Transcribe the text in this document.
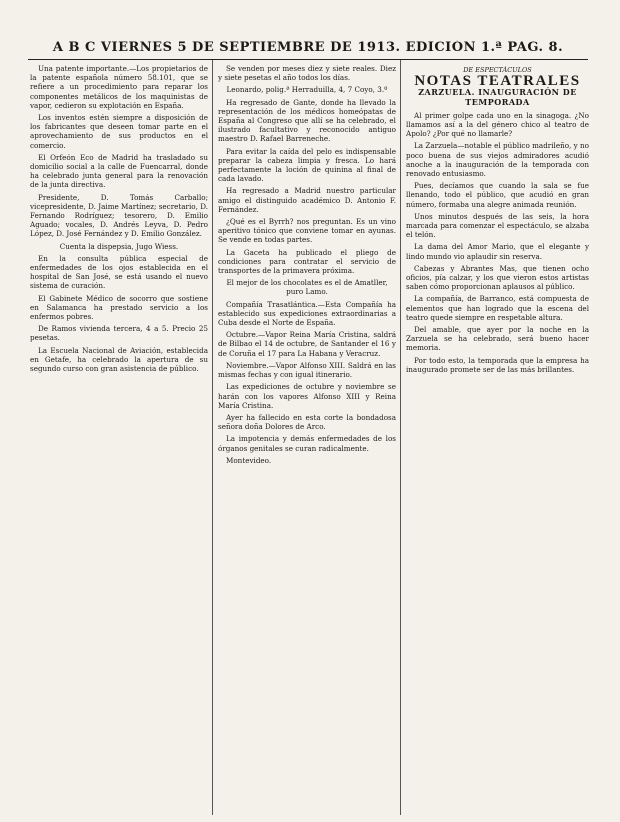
A B C VIERNES 5 DE SEPTIEMBRE DE 1913. EDICIÓN 1.ª PAG. 8.

Una patente importante.—Los propietarios de la patente española número 58.101, que se refiere a un procedimiento para reparar los componentes metálicos de los maquinistas de vapor, cedieron su explotación en España.

Los inventos estén siempre a disposición de los fabricantes que deseen tomar parte en el aprovechamiento de sus productos en el comercio.

El Orfeón Eco de Madrid ha trasladado su domicilio social a la calle de Fuencarral, donde ha celebrado junta general para la renovación de la junta directiva.

Presidente, D. Tomás Carballo; vicepresidente, D. Jaime Martínez; secretario, D. Fernando Rodríguez; tesorero, D. Emilio Aguado; vocales, D. Andrés Leyva, D. Pedro López, D. José Fernández y D. Emilio González.

Cuenta la dispepsia, Jugo Wiess.

En la consulta pública especial de enfermedades de los ojos establecida en el hospital de San José, se está usando el nuevo sistema de curación.

El Gabinete Médico de socorro que sostiene en Salamanca ha prestado servicio a los enfermos pobres.

De Ramos vivienda tercera, 4 a 5. Precio 25 pesetas.

La Escuela Nacional de Aviación, establecida en Getafe, ha celebrado la apertura de su segundo curso con gran asistencia de público.

Se venden por meses diez y siete reales. Diez y siete pesetas el año todos los días.

Leonardo, polig.ª Herraduilla, 4, 7 Coyo, 3.º

Ha regresado de Gante, donde ha llevado la representación de los médicos homeópatas de España al Congreso que allí se ha celebrado, el ilustrado facultativo y reconocido antiguo maestro D. Rafael Barreneche.

Para evitar la caída del pelo es indispensable preparar la cabeza limpia y fresca. Lo hará perfectamente la loción de quinina al final de cada lavado.

Ha regresado a Madrid nuestro particular amigo el distinguido académico D. Antonio F. Fernández.

¿Qué es el Byrrh? nos preguntan. Es un vino aperitivo tónico que conviene tomar en ayunas. Se vende en todas partes.

La Gaceta ha publicado el pliego de condiciones para contratar el servicio de transportes de la primavera próxima.

El mejor de los chocolates es el de Amatller, puro Lamo.

Compañía Trasatlántica.—Esta Compañía ha establecido sus expediciones extraordinarias a Cuba desde el Norte de España.

Octubre.—Vapor Reina María Cristina, saldrá de Bilbao el 14 de octubre, de Santander el 16 y de Coruña el 17 para La Habana y Veracruz.

Noviembre.—Vapor Alfonso XIII. Saldrá en las mismas fechas y con igual itinerario.

Las expediciones de octubre y noviembre se harán con los vapores Alfonso XIII y Reina María Cristina.

Ayer ha fallecido en esta corte la bondadosa señora doña Dolores de Arco.

La impotencia y demás enfermedades de los órganos genitales se curan radicalmente.

Montevideo.

DE ESPECTÁCULOS
NOTAS TEATRALES
ZARZUELA. INAUGURACIÓN DE TEMPORADA

Al primer golpe cada uno en la sinagoga. ¿No llamamos así a la del género chico al teatro de Apolo? ¿Por qué no llamarle?

La Zarzuela—notable el público madrileño, y no poco buena de sus viejos admiradores acudió anoche a la inauguración de la temporada con renovado entusiasmo.

Pues, decíamos que cuando la sala se fue llenando, todo el público, que acudió en gran número, formaba una alegre animada reunión.

Unos minutos después de las seis, la hora marcada para comenzar el espectáculo, se alzaba el telón.

La dama del Amor Mario, que el elegante y lindo mundo vio aplaudir sin reserva.

Cabezas y Abrantes Mas, que tienen ocho oficios, pía calzar, y los que vieron estos artistas saben cómo proporcionan aplausos al público.

La compañía, de Barranco, está compuesta de elementos que han logrado que la escena del teatro quede siempre en respetable altura.

Del amable, que ayer por la noche en la Zarzuela se ha celebrado, será bueno hacer memoria.

Por todo esto, la temporada que la empresa ha inaugurado promete ser de las más brillantes.
